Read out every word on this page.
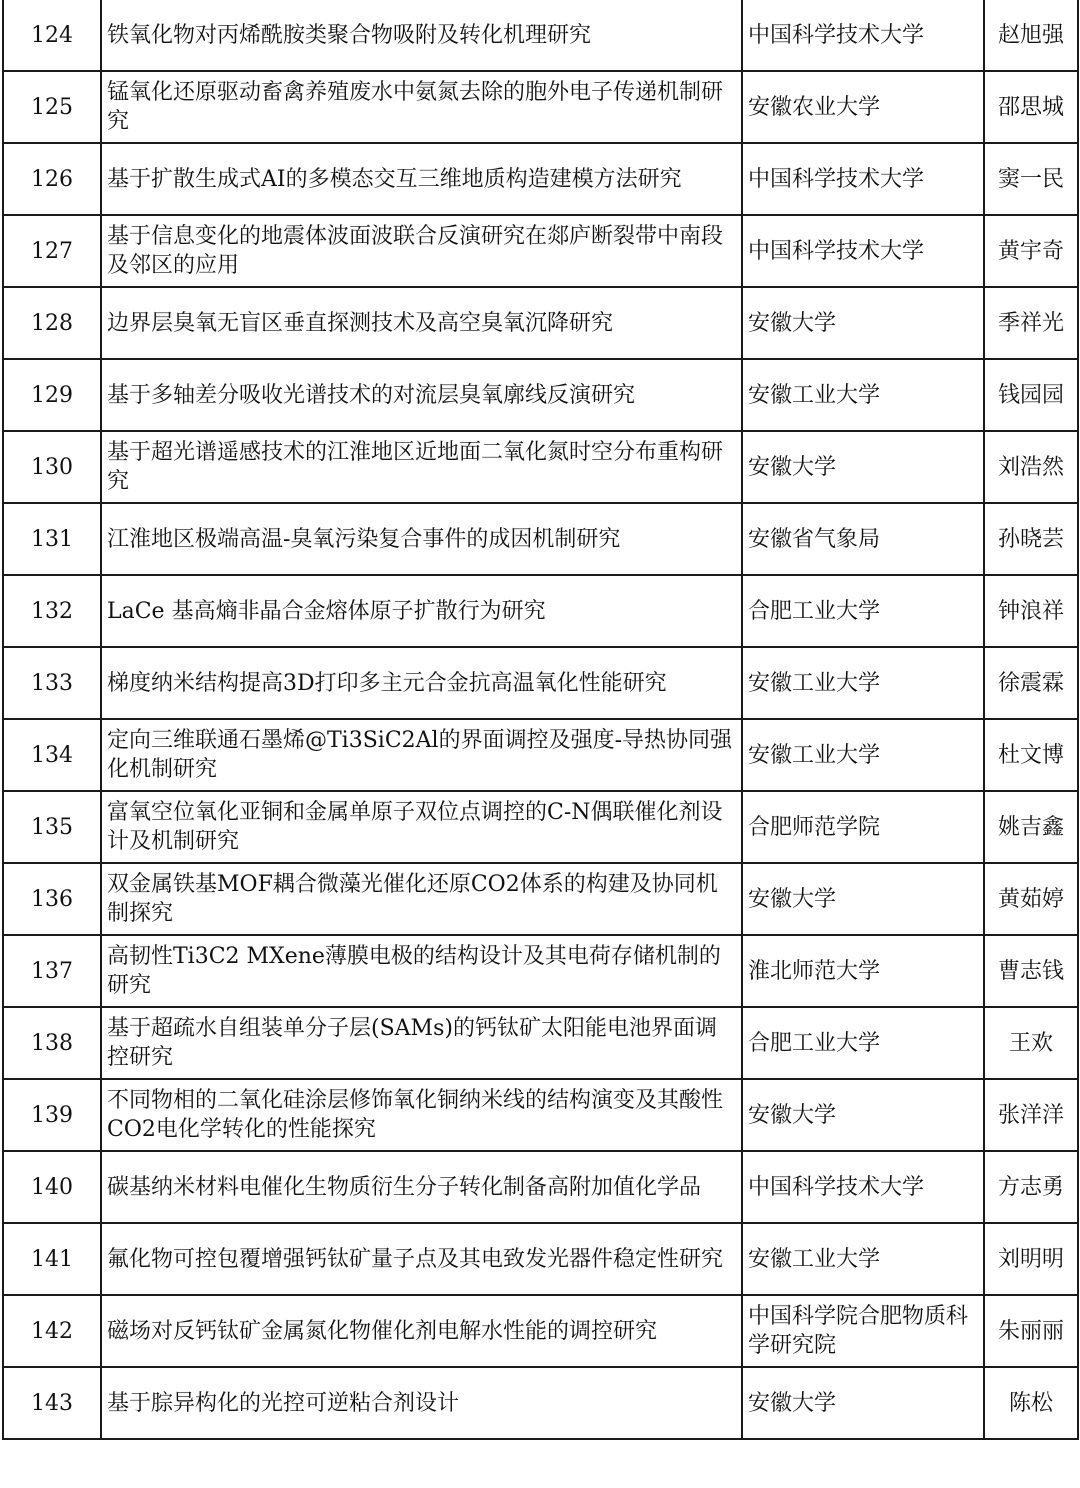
124	铁氧化物对丙烯酰胺类聚合物吸附及转化机理研究	中国科学技术大学	赵旭强
125	锰氧化还原驱动畜禽养殖废水中氨氮去除的胞外电子传递机制研究	安徽农业大学	邵思城
126	基于扩散生成式AI的多模态交互三维地质构造建模方法研究	中国科学技术大学	窦一民
127	基于信息变化的地震体波面波联合反演研究在郯庐断裂带中南段及邻区的应用	中国科学技术大学	黄宇奇
128	边界层臭氧无盲区垂直探测技术及高空臭氧沉降研究	安徽大学	季祥光
129	基于多轴差分吸收光谱技术的对流层臭氧廓线反演研究	安徽工业大学	钱园园
130	基于超光谱遥感技术的江淮地区近地面二氧化氮时空分布重构研究	安徽大学	刘浩然
131	江淮地区极端高温-臭氧污染复合事件的成因机制研究	安徽省气象局	孙晓芸
132	LaCe 基高熵非晶合金熔体原子扩散行为研究	合肥工业大学	钟浪祥
133	梯度纳米结构提高3D打印多主元合金抗高温氧化性能研究	安徽工业大学	徐震霖
134	定向三维联通石墨烯@Ti3SiC2Al的界面调控及强度-导热协同强化机制研究	安徽工业大学	杜文博
135	富氧空位氧化亚铜和金属单原子双位点调控的C-N偶联催化剂设计及机制研究	合肥师范学院	姚吉鑫
136	双金属铁基MOF耦合微藻光催化还原CO2体系的构建及协同机制探究	安徽大学	黄茹婷
137	高韧性Ti3C2 MXene薄膜电极的结构设计及其电荷存储机制的研究	淮北师范大学	曹志钱
138	基于超疏水自组装单分子层(SAMs)的钙钛矿太阳能电池界面调控研究	合肥工业大学	王欢
139	不同物相的二氧化硅涂层修饰氧化铜纳米线的结构演变及其酸性CO2电化学转化的性能探究	安徽大学	张洋洋
140	碳基纳米材料电催化生物质衍生分子转化制备高附加值化学品	中国科学技术大学	方志勇
141	氟化物可控包覆增强钙钛矿量子点及其电致发光器件稳定性研究	安徽工业大学	刘明明
142	磁场对反钙钛矿金属氮化物催化剂电解水性能的调控研究	中国科学院合肥物质科学研究院	朱丽丽
143	基于腙异构化的光控可逆粘合剂设计	安徽大学	陈松
